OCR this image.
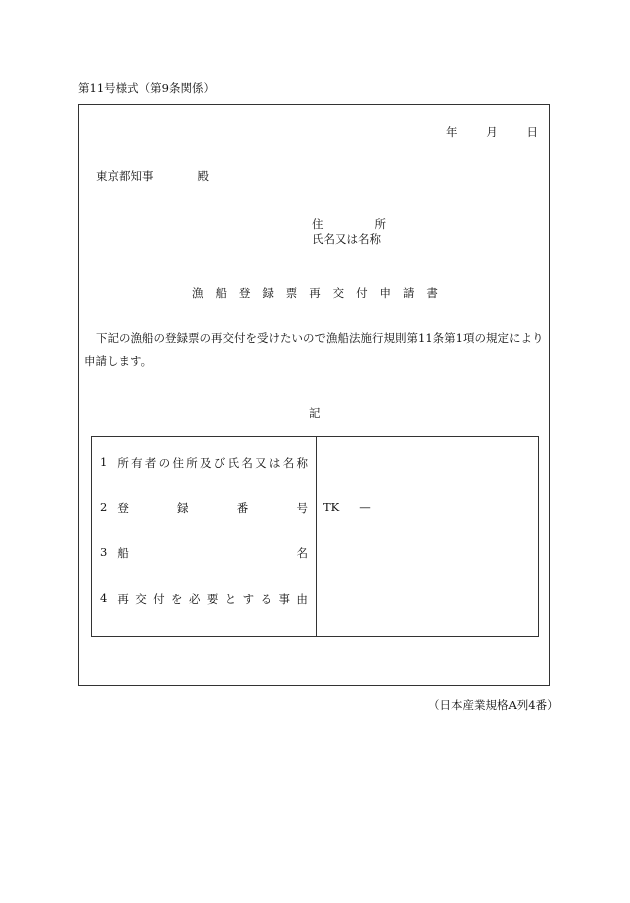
第11号様式（第9条関係）
年	月	日
東京都知事	殿
住	所
氏名又は名称
漁 船 登 録 票 再 交 付 申 請 書
下記の漁船の登録票の再交付を受けたいので漁船法施行規則第11条第1項の規定により申請します。
記
1 所 有 者 の 住 所 及 び 氏 名 又 は 名 称
2 登	録	番	号 TK —
3 船	名
4 再 交 付 を 必 要 と す る 事 由
（日本産業規格A列4番）
